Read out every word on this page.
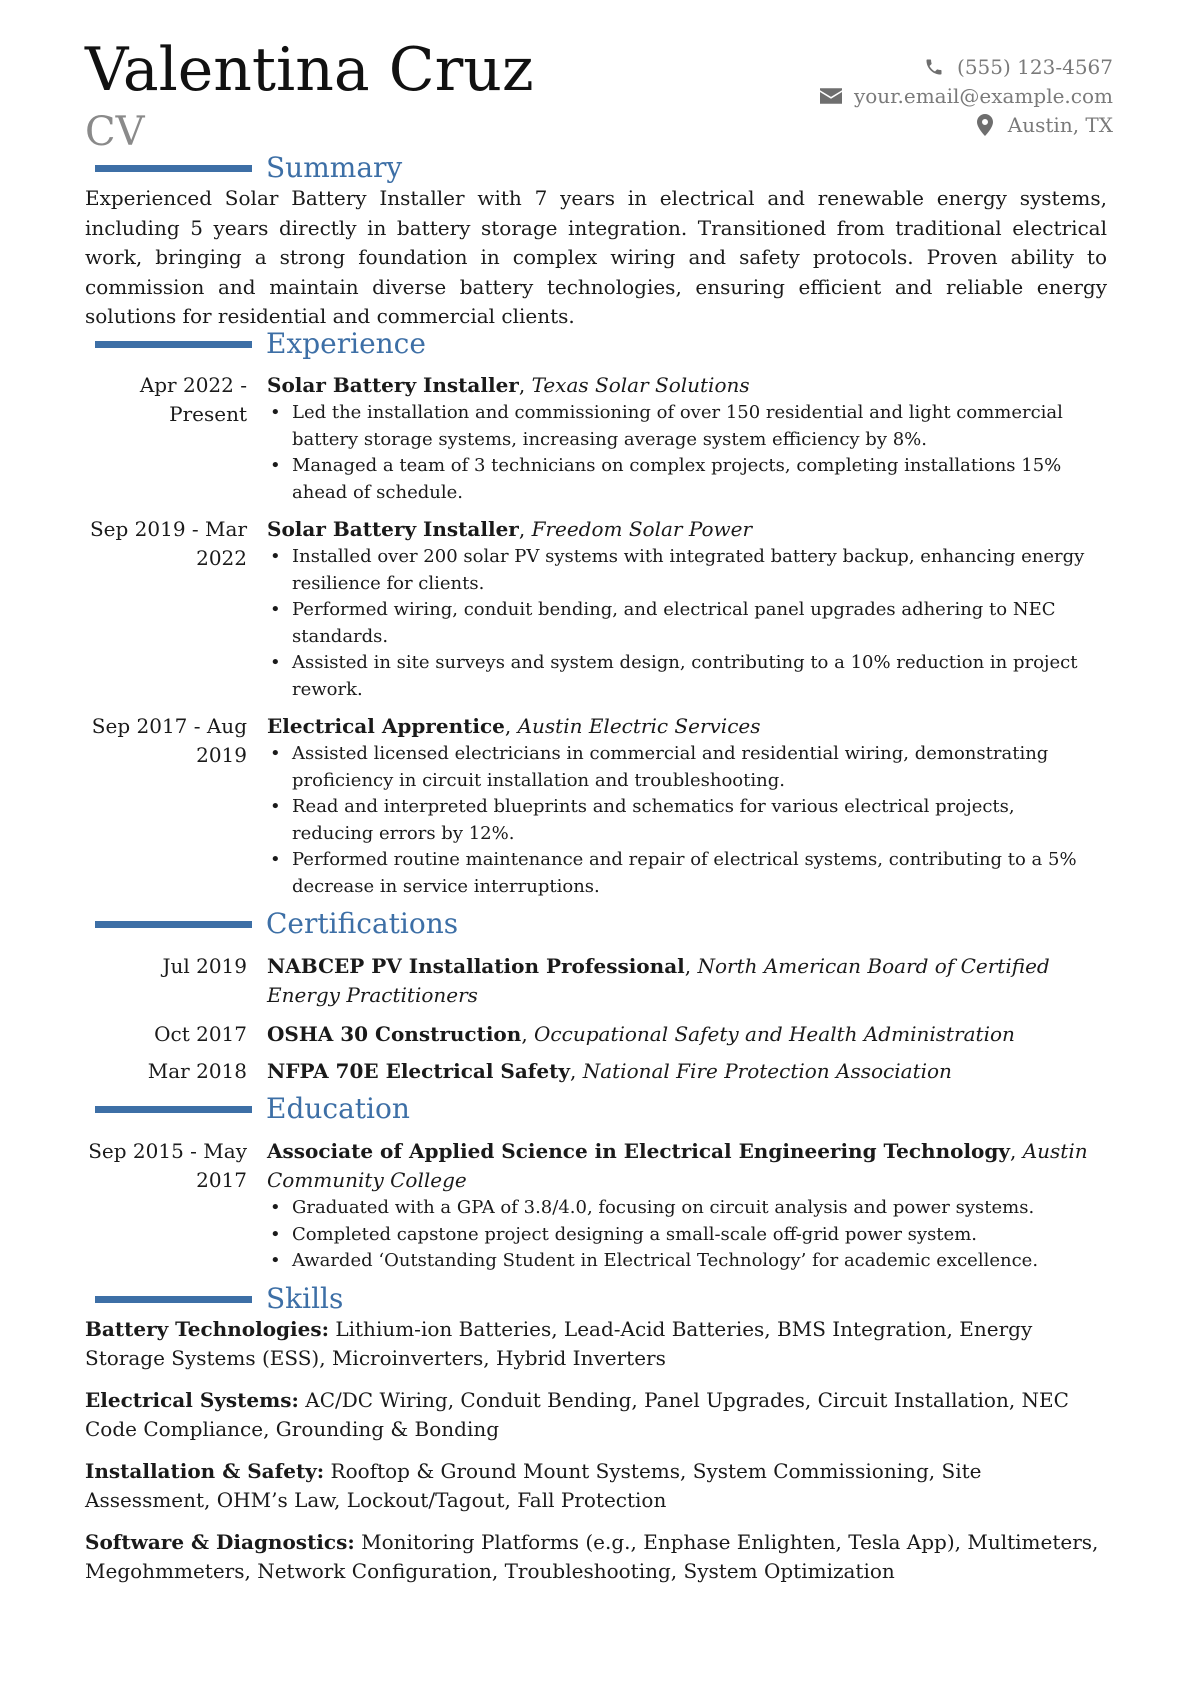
Valentina Cruz
CV
(555) 123-4567
your.email@example.com
Austin, TX
Summary
Experienced Solar Battery Installer with 7 years in electrical and renewable energy systems, including 5 years directly in battery storage integration. Transitioned from traditional electrical work, bringing a strong foundation in complex wiring and safety protocols. Proven ability to commission and maintain diverse battery technologies, ensuring efficient and reliable energy solutions for residential and commercial clients.
Experience
Apr 2022 -
Present
Solar Battery Installer, Texas Solar Solutions
• Led the installation and commissioning of over 150 residential and light commercial battery storage systems, increasing average system efficiency by 8%.
• Managed a team of 3 technicians on complex projects, completing installations 15% ahead of schedule.
Sep 2019 - Mar
2022
Solar Battery Installer, Freedom Solar Power
• Installed over 200 solar PV systems with integrated battery backup, enhancing energy resilience for clients.
• Performed wiring, conduit bending, and electrical panel upgrades adhering to NEC standards.
• Assisted in site surveys and system design, contributing to a 10% reduction in project rework.
Sep 2017 - Aug
2019
Electrical Apprentice, Austin Electric Services
• Assisted licensed electricians in commercial and residential wiring, demonstrating proficiency in circuit installation and troubleshooting.
• Read and interpreted blueprints and schematics for various electrical projects, reducing errors by 12%.
• Performed routine maintenance and repair of electrical systems, contributing to a 5% decrease in service interruptions.
Certifications
Jul 2019 NABCEP PV Installation Professional, North American Board of Certified Energy Practitioners
Oct 2017 OSHA 30 Construction, Occupational Safety and Health Administration
Mar 2018 NFPA 70E Electrical Safety, National Fire Protection Association
Education
Sep 2015 - May
2017
Associate of Applied Science in Electrical Engineering Technology, Austin Community College
• Graduated with a GPA of 3.8/4.0, focusing on circuit analysis and power systems.
• Completed capstone project designing a small-scale off-grid power system.
• Awarded ‘Outstanding Student in Electrical Technology’ for academic excellence.
Skills
Battery Technologies: Lithium-ion Batteries, Lead-Acid Batteries, BMS Integration, Energy Storage Systems (ESS), Microinverters, Hybrid Inverters
Electrical Systems: AC/DC Wiring, Conduit Bending, Panel Upgrades, Circuit Installation, NEC Code Compliance, Grounding & Bonding
Installation & Safety: Rooftop & Ground Mount Systems, System Commissioning, Site Assessment, OHM’s Law, Lockout/Tagout, Fall Protection
Software & Diagnostics: Monitoring Platforms (e.g., Enphase Enlighten, Tesla App), Multimeters, Megohmmeters, Network Configuration, Troubleshooting, System Optimization
